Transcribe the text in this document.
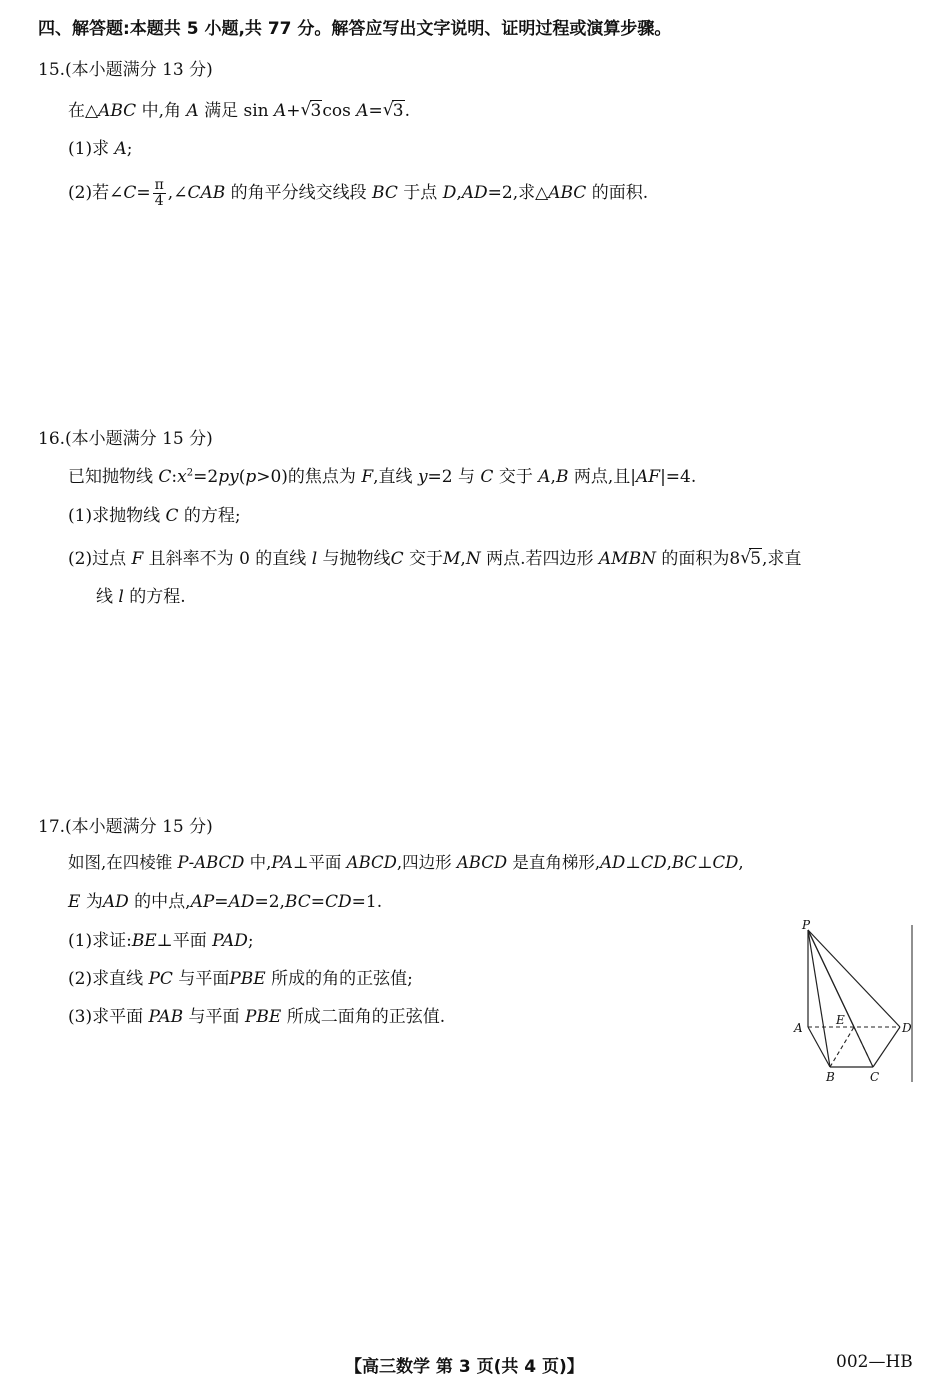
四、解答题:本题共 5 小题,共 77 分。解答应写出文字说明、证明过程或演算步骤。
15.(本小题满分 13 分)
在△ABC 中,角 A 满足 sin A+ √ 3cos A= √ 3.
(1)求 A;
(2)若∠C= $\frac{\pi}{4}$ ,∠CAB 的角平分线交线段 BC 于点 D,AD=2,求△ABC 的面积.
16.(本小题满分 15 分)
已知抛物线 $C:x^2=2py(p>0)$的焦点为 F,直线 y=2 与 C 交于 A,B 两点,且|AF|=4.
(1)求抛物线 C 的方程;
(2)过点 F 且斜率不为 0 的直线 l 与抛物线C 交于M,N 两点.若四边形 AMBN 的面积为8 √ 5,求直
线 l 的方程.
17.(本小题满分 15 分)
如图,在四棱锥 P-ABCD 中,PA⊥平面 ABCD,四边形 ABCD 是直角梯形,AD⊥CD,BC⊥CD,
E 为AD 的中点,AP=AD=2,BC=CD=1.
(1)求证:BE⊥平面 PAD;
(2)求直线 PC 与平面PBE 所成的角的正弦值;
(3)求平面 PAB 与平面 PBE 所成二面角的正弦值.
P
A
E
D
B	C
【高三数学 第 3 页(共 4 页)】	002—HB
